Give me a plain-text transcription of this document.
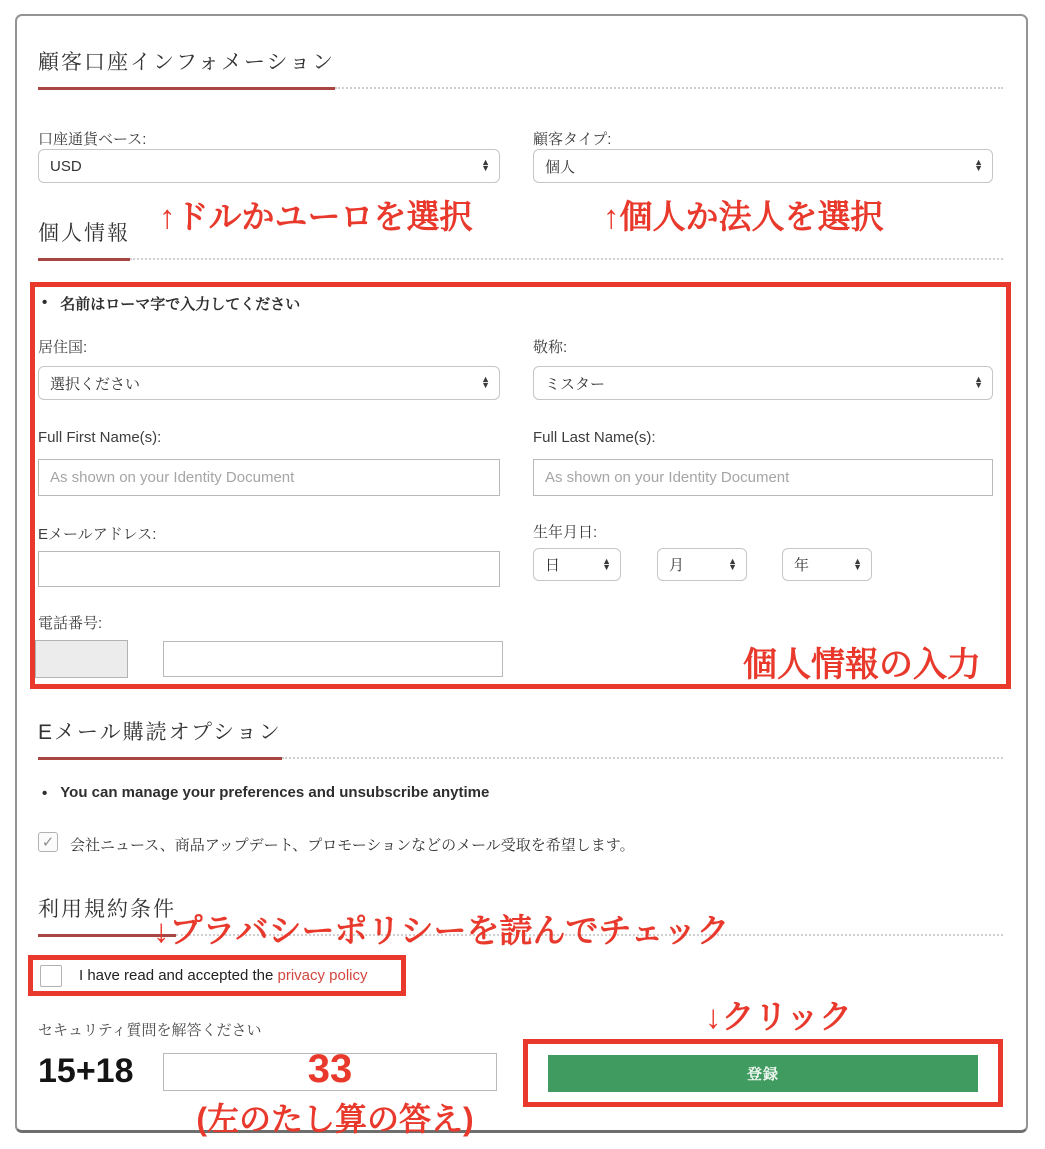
顧客口座インフォメーション
口座通貨ベース:
USD
▲ ▼
顧客タイプ:
個人
▲ ▼
↑ドルかユーロを選択	↑個人か法人を選択
個人情報
• 名前はローマ字で入力してください
居住国:
選択ください
▲ ▼
敬称:
ミスター
▲ ▼
Full First Name(s):
As shown on your Identity Document	Full Last Name(s):
As shown on your Identity Document
Eメールアドレス:	生年月日:
日 ▲ ▼	月 ▲ ▼	年
▲ ▼
電話番号:
個人情報の入力
Eメール購読オプション
• You can manage your preferences and unsubscribe anytime
✓ 会社ニュース、商品アップデート、プロモーションなどのメール受取を希望します。
利用規約条件
↓プラバシーポリシーを読んでチェック
I have read and accepted the privacy policy
セキュリティ質問を解答ください
15+18	33
(左のたし算の答え)
↓クリック
登録
